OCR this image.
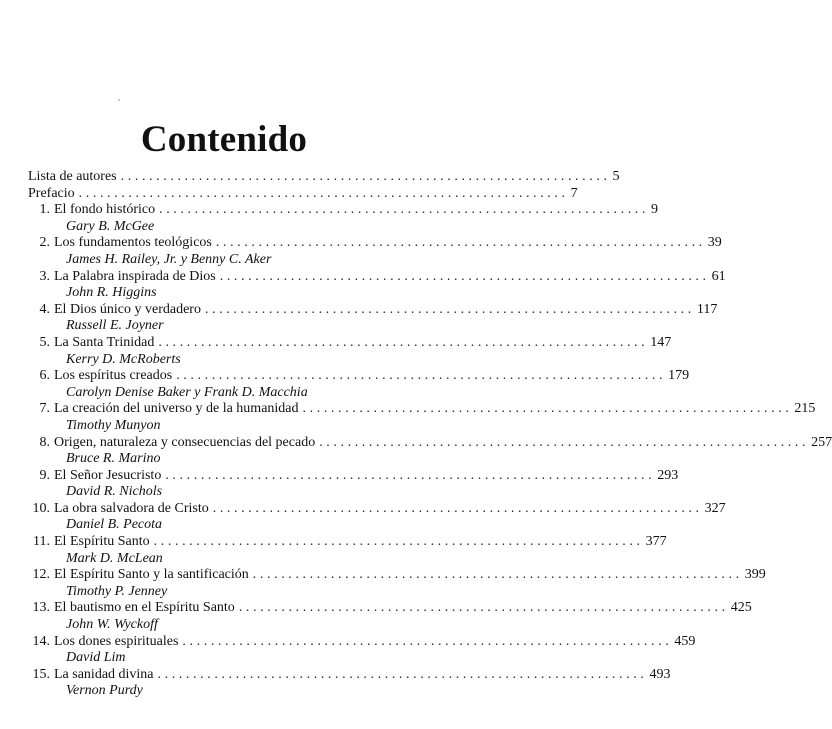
Contenido
Lista de autores ..................................................................... 5
Prefacio ..................................................................... 7
1. El fondo histórico ..................................................................... 9
Gary B. McGee
2. Los fundamentos teológicos ..................................................................... 39
James H. Railey, Jr. y Benny C. Aker
3. La Palabra inspirada de Dios ..................................................................... 61
John R. Higgins
4. El Dios único y verdadero ..................................................................... 117
Russell E. Joyner
5. La Santa Trinidad ..................................................................... 147
Kerry D. McRoberts
6. Los espíritus creados ..................................................................... 179
Carolyn Denise Baker y Frank D. Macchia
7. La creación del universo y de la humanidad ..................................................................... 215
Timothy Munyon
8. Origen, naturaleza y consecuencias del pecado ..................................................................... 257
Bruce R. Marino
9. El Señor Jesucristo ..................................................................... 293
David R. Nichols
10. La obra salvadora de Cristo ..................................................................... 327
Daniel B. Pecota
11. El Espíritu Santo ..................................................................... 377
Mark D. McLean
12. El Espíritu Santo y la santificación ..................................................................... 399
Timothy P. Jenney
13. El bautismo en el Espíritu Santo ..................................................................... 425
John W. Wyckoff
14. Los dones espirituales ..................................................................... 459
David Lim
15. La sanidad divina ..................................................................... 493
Vernon Purdy
